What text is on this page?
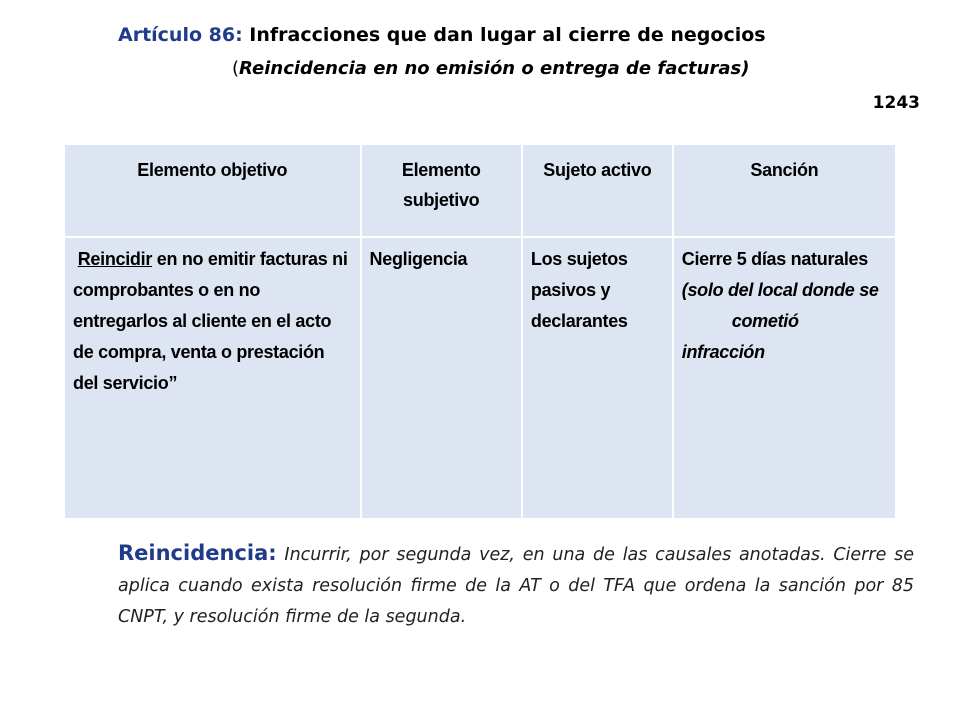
Artículo 86: Infracciones que dan lugar al cierre de negocios
(Reincidencia en no emisión o entrega de facturas)
1243
Elemento objetivo	Elemento subjetivo	Sujeto activo	Sanción
Reincidir en no emitir facturas ni comprobantes o en no entregarlos al cliente en el acto de compra, venta o prestación del servicio”	Negligencia	Los sujetos pasivos y declarantes	Cierre 5 días naturales (solo del local donde se
cometió
infracción
Reincidencia: Incurrir, por segunda vez, en una de las causales anotadas. Cierre se aplica cuando exista resolución firme de la AT o del TFA que ordena la sanción por 85 CNPT, y resolución firme de la segunda.
